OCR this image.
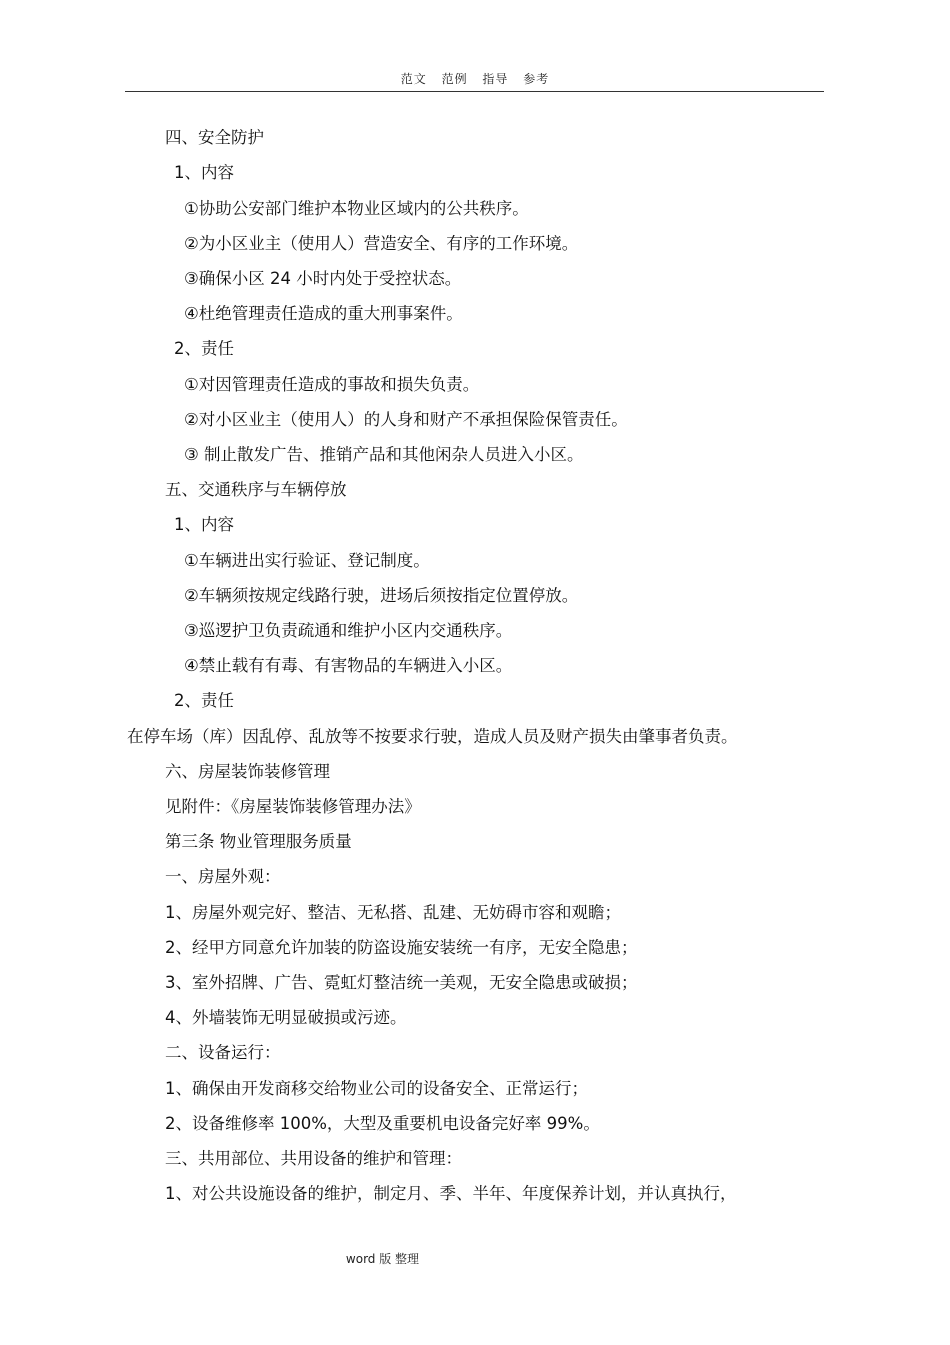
范文 范例 指导 参考
四、安全防护
1、内容
①协助公安部门维护本物业区域内的公共秩序。
②为小区业主（使用人）营造安全、有序的工作环境。
③确保小区 24 小时内处于受控状态。
④杜绝管理责任造成的重大刑事案件。
2、责任
①对因管理责任造成的事故和损失负责。
②对小区业主（使用人）的人身和财产不承担保险保管责任。
③ 制止散发广告、推销产品和其他闲杂人员进入小区。
五、交通秩序与车辆停放
1、内容
①车辆进出实行验证、登记制度。
②车辆须按规定线路行驶，进场后须按指定位置停放。
③巡逻护卫负责疏通和维护小区内交通秩序。
④禁止载有有毒、有害物品的车辆进入小区。
2、责任
在停车场（库）因乱停、乱放等不按要求行驶，造成人员及财产损失由肇事者负责。
六、房屋装饰装修管理
见附件：《房屋装饰装修管理办法》
第三条 物业管理服务质量
一、房屋外观：
1、房屋外观完好、整洁、无私搭、乱建、无妨碍市容和观瞻；
2、经甲方同意允许加装的防盗设施安装统一有序，无安全隐患；
3、室外招牌、广告、霓虹灯整洁统一美观，无安全隐患或破损；
4、外墙装饰无明显破损或污迹。
二、设备运行：
1、确保由开发商移交给物业公司的设备安全、正常运行；
2、设备维修率 100%，大型及重要机电设备完好率 99%。
三、共用部位、共用设备的维护和管理：
1、对公共设施设备的维护，制定月、季、半年、年度保养计划，并认真执行，
word 版 整理
